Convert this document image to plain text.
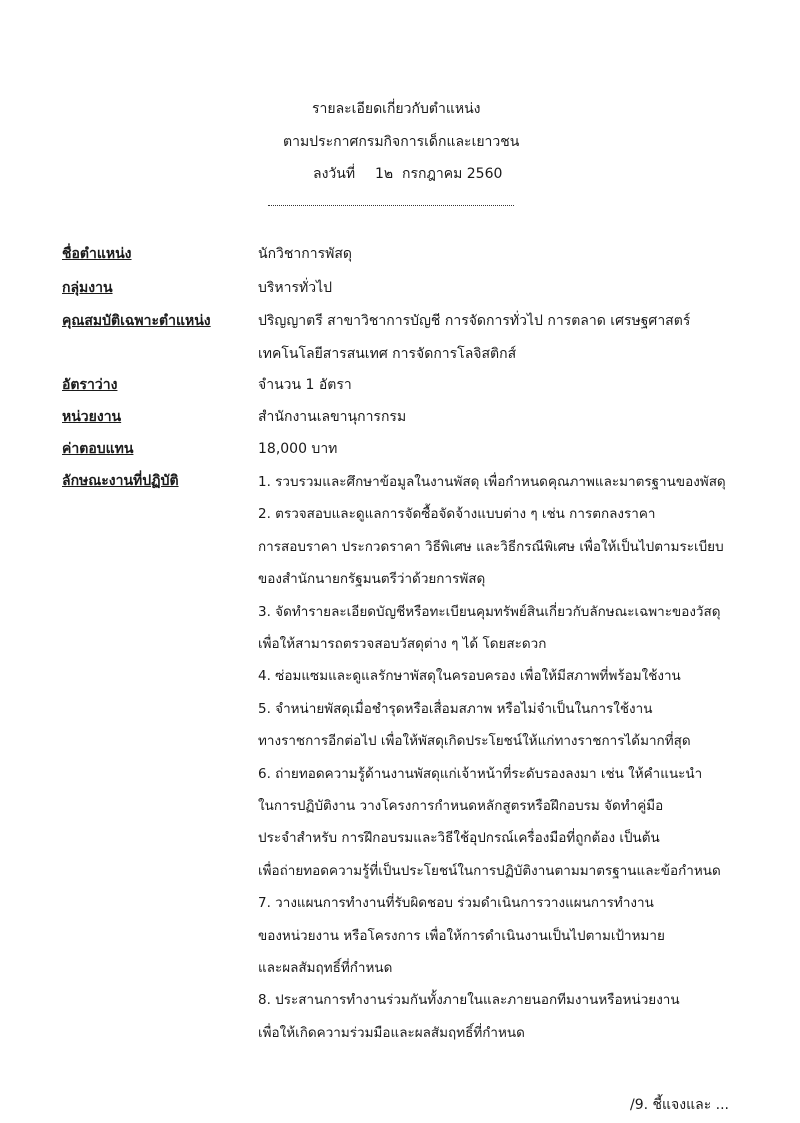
รายละเอียดเกี่ยวกับตำแหน่ง
ตามประกาศกรมกิจการเด็กและเยาวชน
ลงวันที่ 1๒ กรกฎาคม 2560
ชื่อตำแหน่ง	นักวิชาการพัสดุ
กลุ่มงาน	บริหารทั่วไป
คุณสมบัติเฉพาะตำแหน่ง	ปริญญาตรี สาขาวิชาการบัญชี การจัดการทั่วไป การตลาด เศรษฐศาสตร์
เทคโนโลยีสารสนเทศ การจัดการโลจิสติกส์
อัตราว่าง	จำนวน 1 อัตรา
หน่วยงาน	สำนักงานเลขานุการกรม
ค่าตอบแทน	18,000 บาท
ลักษณะงานที่ปฏิบัติ	1. รวบรวมและศึกษาข้อมูลในงานพัสดุ เพื่อกำหนดคุณภาพและมาตรฐานของพัสดุ
2. ตรวจสอบและดูแลการจัดซื้อจัดจ้างแบบต่าง ๆ เช่น การตกลงราคา
การสอบราคา ประกวดราคา วิธีพิเศษ และวิธีกรณีพิเศษ เพื่อให้เป็นไปตามระเบียบ
ของสำนักนายกรัฐมนตรีว่าด้วยการพัสดุ
3. จัดทำรายละเอียดบัญชีหรือทะเบียนคุมทรัพย์สินเกี่ยวกับลักษณะเฉพาะของวัสดุ
เพื่อให้สามารถตรวจสอบวัสดุต่าง ๆ ได้ โดยสะดวก
4. ซ่อมแซมและดูแลรักษาพัสดุในครอบครอง เพื่อให้มีสภาพที่พร้อมใช้งาน
5. จำหน่ายพัสดุเมื่อชำรุดหรือเสื่อมสภาพ หรือไม่จำเป็นในการใช้งาน
ทางราชการอีกต่อไป เพื่อให้พัสดุเกิดประโยชน์ให้แก่ทางราชการได้มากที่สุด
6. ถ่ายทอดความรู้ด้านงานพัสดุแก่เจ้าหน้าที่ระดับรองลงมา เช่น ให้คำแนะนำ
ในการปฏิบัติงาน วางโครงการกำหนดหลักสูตรหรือฝึกอบรม จัดทำคู่มือ
ประจำสำหรับ การฝึกอบรมและวิธีใช้อุปกรณ์เครื่องมือที่ถูกต้อง เป็นต้น
เพื่อถ่ายทอดความรู้ที่เป็นประโยชน์ในการปฏิบัติงานตามมาตรฐานและข้อกำหนด
7. วางแผนการทำงานที่รับผิดชอบ ร่วมดำเนินการวางแผนการทำงาน
ของหน่วยงาน หรือโครงการ เพื่อให้การดำเนินงานเป็นไปตามเป้าหมาย
และผลสัมฤทธิ์ที่กำหนด
8. ประสานการทำงานร่วมกันทั้งภายในและภายนอกทีมงานหรือหน่วยงาน
เพื่อให้เกิดความร่วมมือและผลสัมฤทธิ์ที่กำหนด
/9. ชี้แจงและ ...
